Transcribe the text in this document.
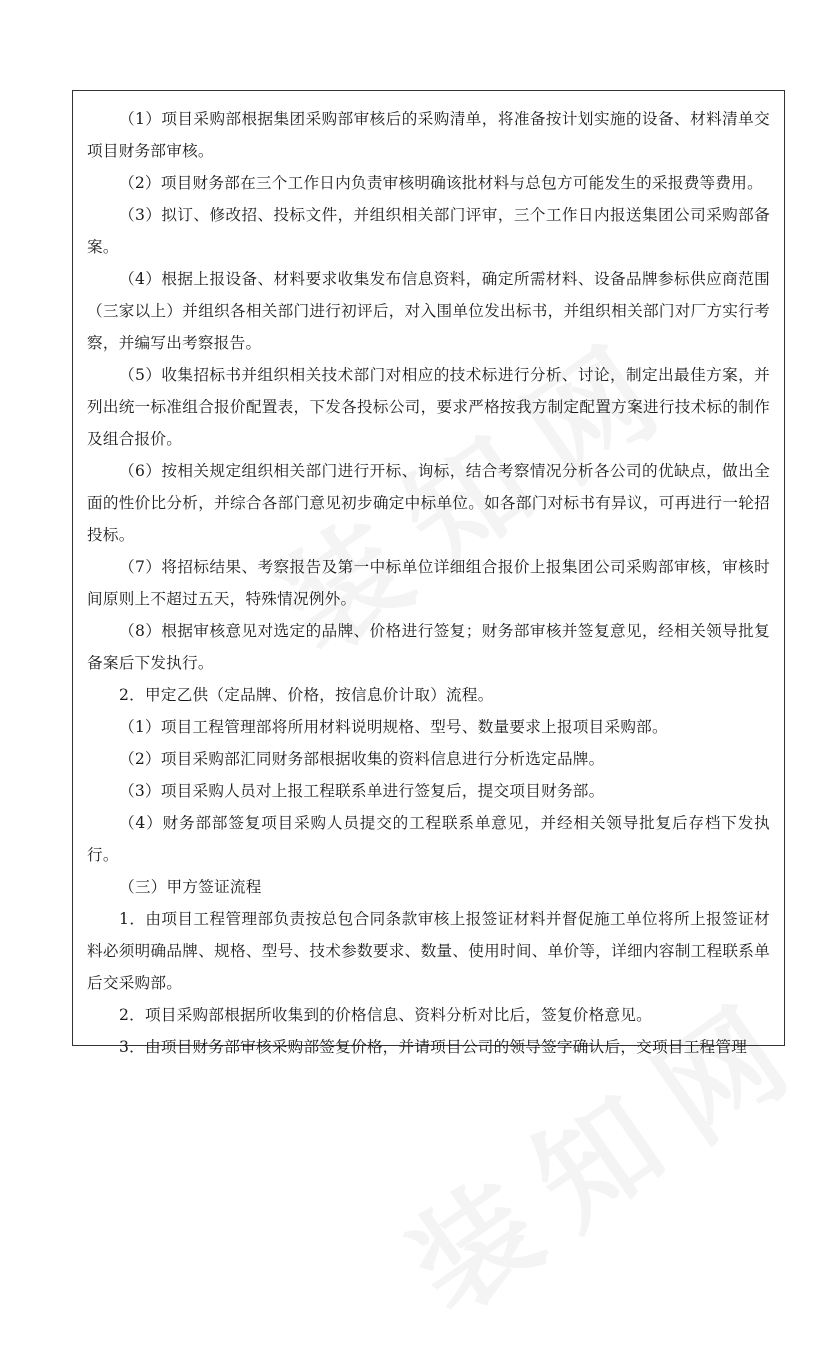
（1）项目采购部根据集团采购部审核后的采购清单，将准备按计划实施的设备、材料清单交项目财务部审核。

（2）项目财务部在三个工作日内负责审核明确该批材料与总包方可能发生的采报费等费用。

（3）拟订、修改招、投标文件，并组织相关部门评审，三个工作日内报送集团公司采购部备案。

（4）根据上报设备、材料要求收集发布信息资料，确定所需材料、设备品牌参标供应商范围（三家以上）并组织各相关部门进行初评后，对入围单位发出标书，并组织相关部门对厂方实行考察，并编写出考察报告。

（5）收集招标书并组织相关技术部门对相应的技术标进行分析、讨论，制定出最佳方案，并列出统一标准组合报价配置表，下发各投标公司，要求严格按我方制定配置方案进行技术标的制作及组合报价。

（6）按相关规定组织相关部门进行开标、询标，结合考察情况分析各公司的优缺点，做出全面的性价比分析，并综合各部门意见初步确定中标单位。如各部门对标书有异议，可再进行一轮招投标。

（7）将招标结果、考察报告及第一中标单位详细组合报价上报集团公司采购部审核，审核时间原则上不超过五天，特殊情况例外。

（8）根据审核意见对选定的品牌、价格进行签复；财务部审核并签复意见，经相关领导批复备案后下发执行。

2．甲定乙供（定品牌、价格，按信息价计取）流程。

（1）项目工程管理部将所用材料说明规格、型号、数量要求上报项目采购部。

（2）项目采购部汇同财务部根据收集的资料信息进行分析选定品牌。

（3）项目采购人员对上报工程联系单进行签复后，提交项目财务部。

（4）财务部部签复项目采购人员提交的工程联系单意见，并经相关领导批复后存档下发执行。

（三）甲方签证流程

1．由项目工程管理部负责按总包合同条款审核上报签证材料并督促施工单位将所上报签证材料必须明确品牌、规格、型号、技术参数要求、数量、使用时间、单价等，详细内容制工程联系单后交采购部。

2．项目采购部根据所收集到的价格信息、资料分析对比后，签复价格意见。

3．由项目财务部审核采购部签复价格，并请项目公司的领导签字确认后，交项目工程管理
